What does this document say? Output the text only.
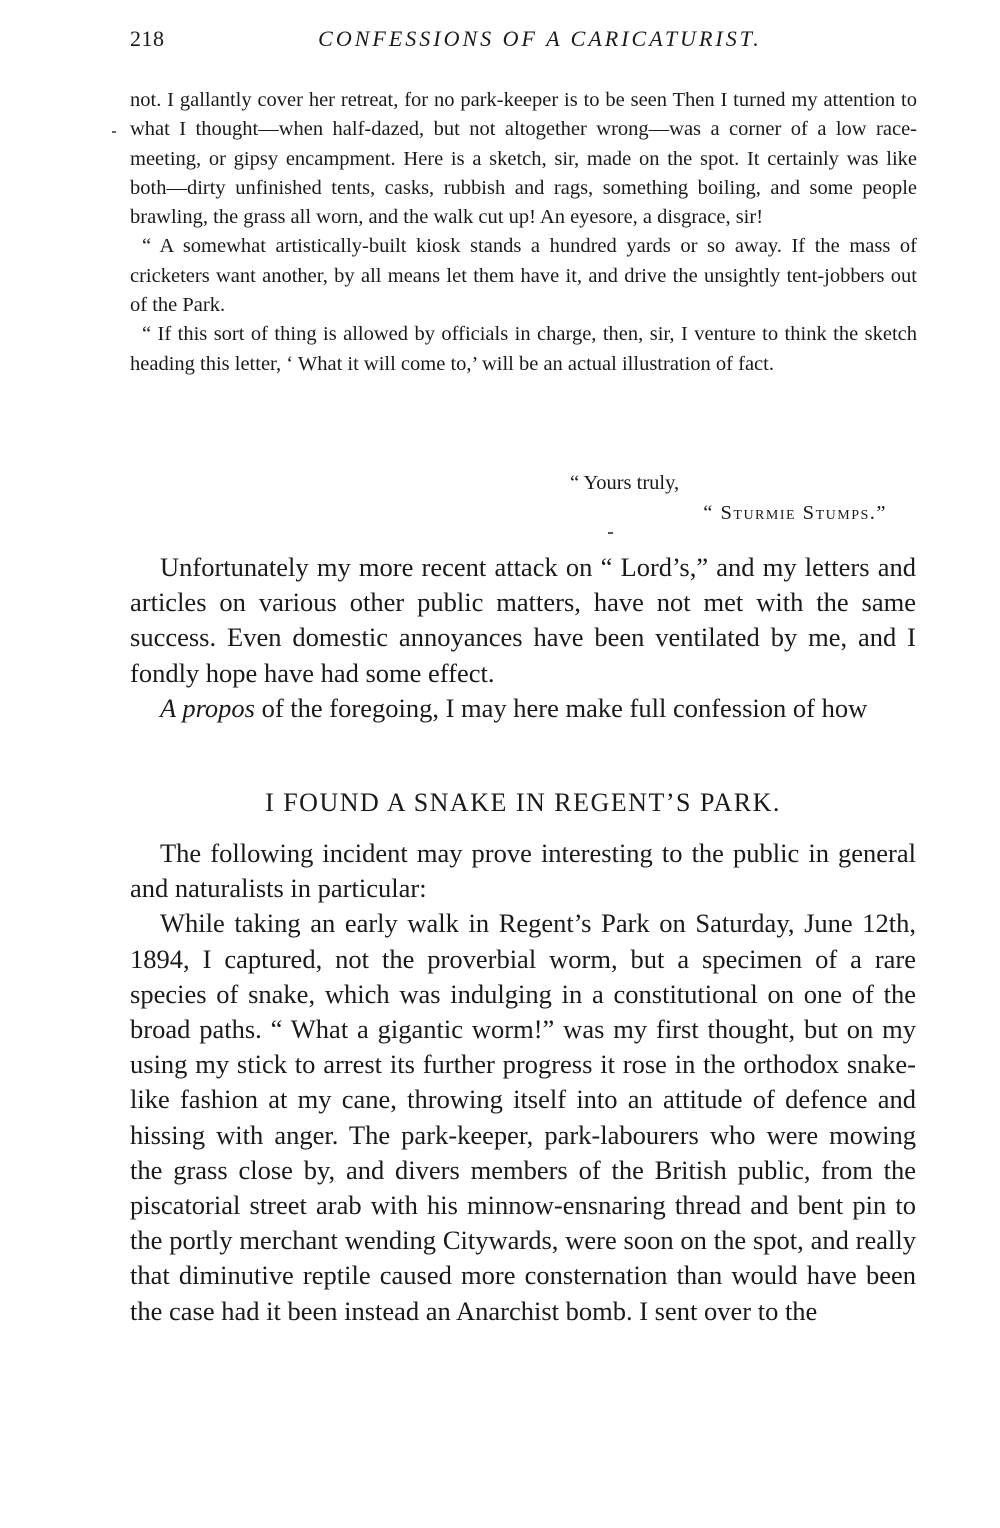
218	CONFESSIONS OF A CARICATURIST.

not. I gallantly cover her retreat, for no park-keeper is to be seen Then I turned my attention to what I thought—when half-dazed, but not altogether wrong—was a corner of a low race-meeting, or gipsy encampment. Here is a sketch, sir, made on the spot. It certainly was like both—dirty unfinished tents, casks, rubbish and rags, something boiling, and some people brawling, the grass all worn, and the walk cut up! An eyesore, a disgrace, sir!

“ A somewhat artistically-built kiosk stands a hundred yards or so away. If the mass of cricketers want another, by all means let them have it, and drive the unsightly tent-jobbers out of the Park.

“ If this sort of thing is allowed by officials in charge, then, sir, I venture to think the sketch heading this letter, ‘ What it will come to,’ will be an actual illustration of fact.

“ Yours truly,
“ Sturmie Stumps.”

Unfortunately my more recent attack on “ Lord’s,” and my letters and articles on various other public matters, have not met with the same success. Even domestic annoyances have been ventilated by me, and I fondly hope have had some effect.

A propos of the foregoing, I may here make full confession of how

I FOUND A SNAKE IN REGENT’S PARK.

The following incident may prove interesting to the public in general and naturalists in particular:

While taking an early walk in Regent’s Park on Saturday, June 12th, 1894, I captured, not the proverbial worm, but a specimen of a rare species of snake, which was indulging in a constitutional on one of the broad paths. “ What a gigantic worm!” was my first thought, but on my using my stick to arrest its further progress it rose in the orthodox snake-like fashion at my cane, throwing itself into an attitude of defence and hissing with anger. The park-keeper, park-labourers who were mowing the grass close by, and divers members of the British public, from the piscatorial street arab with his minnow-ensnaring thread and bent pin to the portly merchant wending Citywards, were soon on the spot, and really that diminutive reptile caused more consternation than would have been the case had it been instead an Anarchist bomb. I sent over to the
